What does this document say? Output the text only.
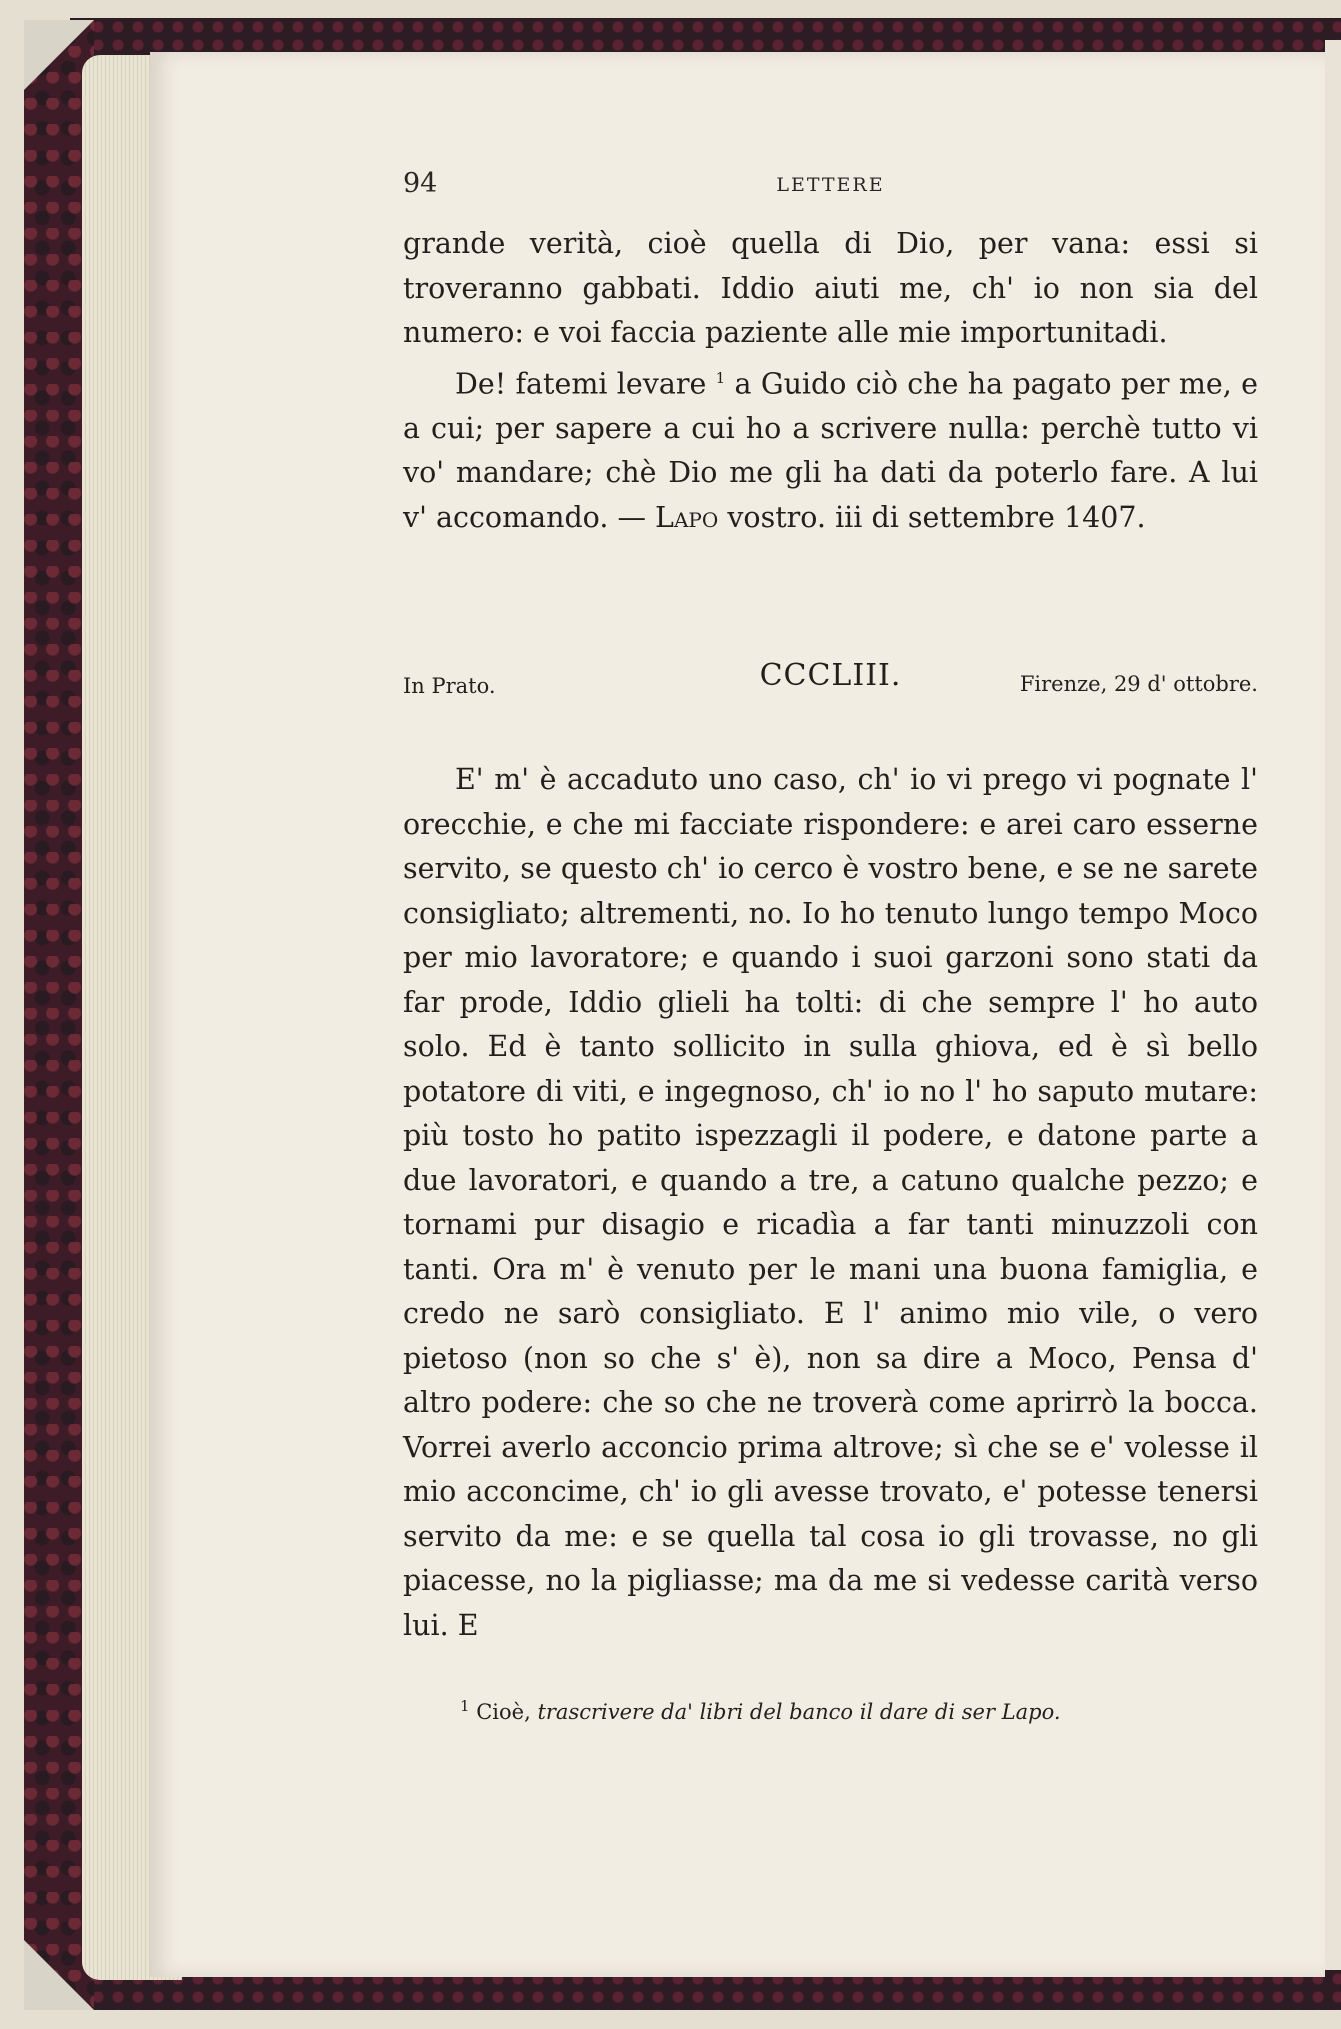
94	LETTERE

grande verità, cioè quella di Dio, per vana: essi si troveranno gabbati. Iddio aiuti me, ch' io non sia del numero: e voi faccia paziente alle mie importunitadi.

De! fatemi levare $^1$ a Guido ciò che ha pagato per me, e a cui; per sapere a cui ho a scrivere nulla: perchè tutto vi vo' mandare; chè Dio me gli ha dati da poterlo fare. A lui v' accomando. — Lapo vostro. iii di settembre 1407.

In Prato.	CCCLIII.	Firenze, 29 d' ottobre.

E' m' è accaduto uno caso, ch' io vi prego vi pognate l' orecchie, e che mi facciate rispondere: e arei caro esserne servito, se questo ch' io cerco è vostro bene, e se ne sarete consigliato; altrementi, no. Io ho tenuto lungo tempo Moco per mio lavoratore; e quando i suoi garzoni sono stati da far prode, Iddio glieli ha tolti: di che sempre l' ho auto solo. Ed è tanto sollicito in sulla ghiova, ed è sì bello potatore di viti, e ingegnoso, ch' io no l' ho saputo mutare: più tosto ho patito ispezzagli il podere, e datone parte a due lavoratori, e quando a tre, a catuno qualche pezzo; e tornami pur disagio e ricadìa a far tanti minuzzoli con tanti. Ora m' è venuto per le mani una buona famiglia, e credo ne sarò consigliato. E l' animo mio vile, o vero pietoso (non so che s' è), non sa dire a Moco, Pensa d' altro podere: che so che ne troverà come aprirrò la bocca. Vorrei averlo acconcio prima altrove; sì che se e' volesse il mio acconcime, ch' io gli avesse trovato, e' potesse tenersi servito da me: e se quella tal cosa io gli trovasse, no gli piacesse, no la pigliasse; ma da me si vedesse carità verso lui. E

$^1$ Cioè, trascrivere da' libri del banco il dare di ser Lapo.
